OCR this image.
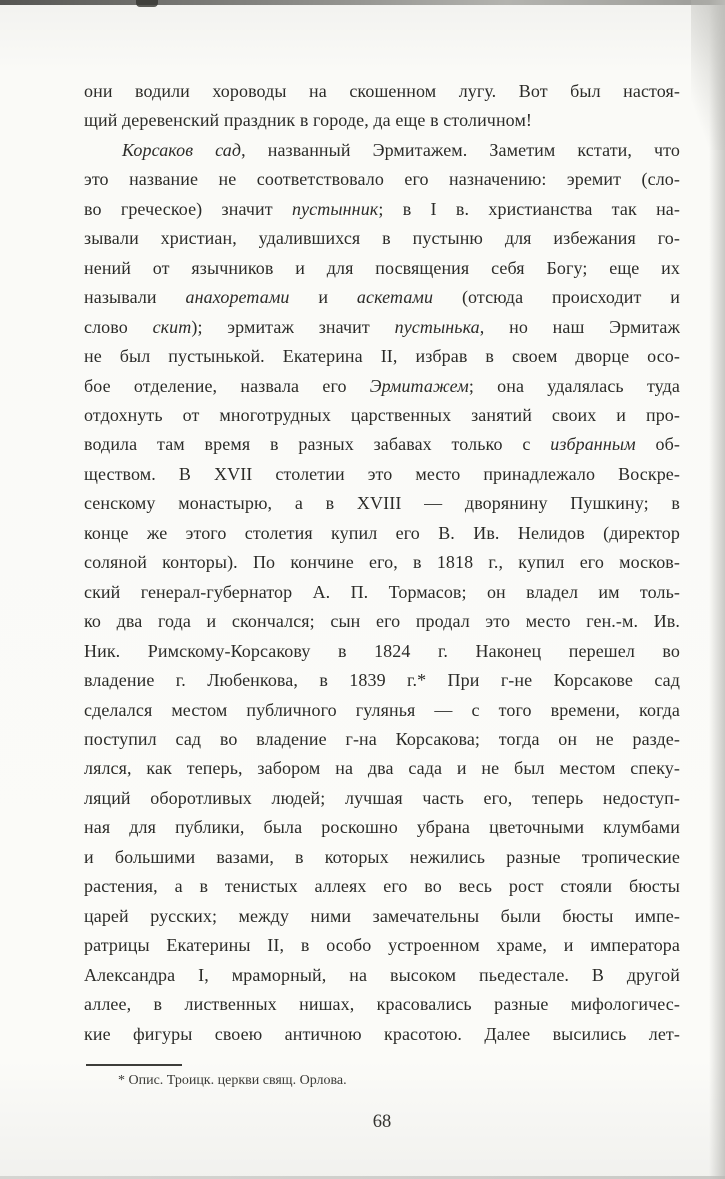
они водили хороводы на скошенном лугу. Вот был настоя-
щий деревенский праздник в городе, да еще в столичном!
Корсаков сад, названный Эрмитажем. Заметим кстати, что
это название не соответствовало его назначению: эремит (сло-
во греческое) значит пустынник; в I в. христианства так на-
зывали христиан, удалившихся в пустыню для избежания го-
нений от язычников и для посвящения себя Богу; еще их
называли анахоретами и аскетами (отсюда происходит и
слово скит); эрмитаж значит пустынька, но наш Эрмитаж
не был пустынькой. Екатерина II, избрав в своем дворце осо-
бое отделение, назвала его Эрмитажем; она удалялась туда
отдохнуть от многотрудных царственных занятий своих и про-
водила там время в разных забавах только с избранным об-
ществом. В XVII столетии это место принадлежало Воскре-
сенскому монастырю, а в XVIII — дворянину Пушкину; в
конце же этого столетия купил его В. Ив. Нелидов (директор
соляной конторы). По кончине его, в 1818 г., купил его москов-
ский генерал-губернатор А. П. Тормасов; он владел им толь-
ко два года и скончался; сын его продал это место ген.-м. Ив.
Ник. Римскому-Корсакову в 1824 г. Наконец перешел во
владение г. Любенкова, в 1839 г.* При г-не Корсакове сад
сделался местом публичного гулянья — с того времени, когда
поступил сад во владение г-на Корсакова; тогда он не разде-
лялся, как теперь, забором на два сада и не был местом спеку-
ляций оборотливых людей; лучшая часть его, теперь недоступ-
ная для публики, была роскошно убрана цветочными клумбами
и большими вазами, в которых нежились разные тропические
растения, а в тенистых аллеях его во весь рост стояли бюсты
царей русских; между ними замечательны были бюсты импе-
ратрицы Екатерины II, в особо устроенном храме, и императора
Александра I, мраморный, на высоком пьедестале. В другой
аллее, в лиственных нишах, красовались разные мифологичес-
кие фигуры своею античною красотою. Далее высились лет-
* Опис. Троицк. церкви свящ. Орлова.
68
